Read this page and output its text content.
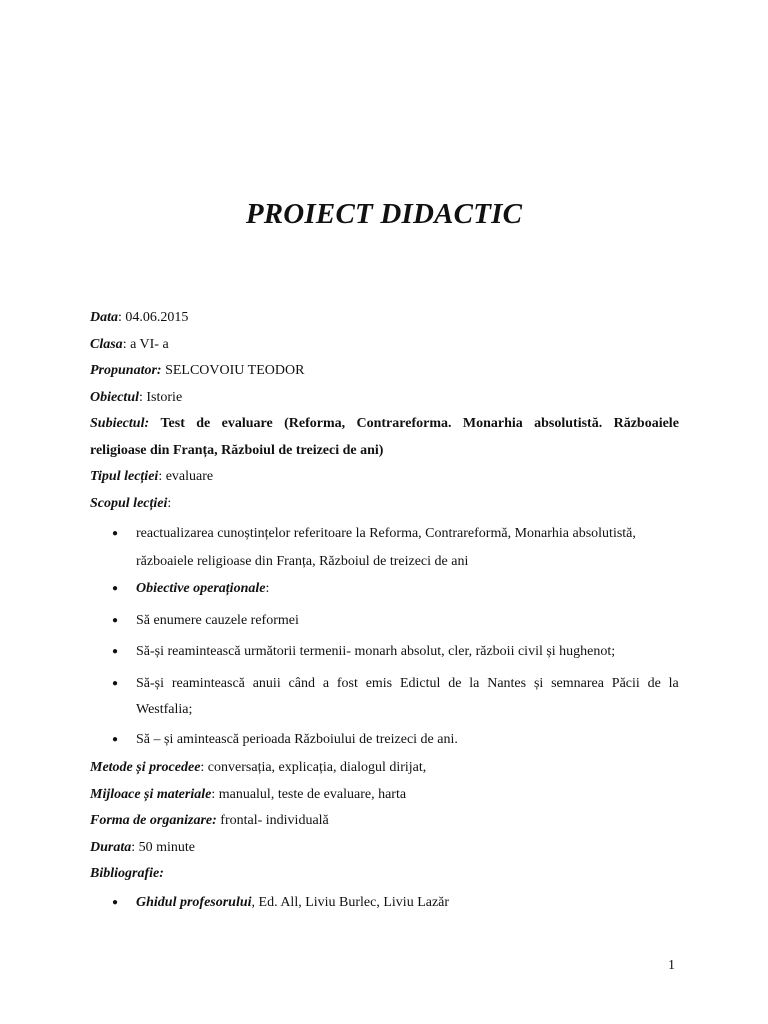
PROIECT DIDACTIC
Data: 04.06.2015
Clasa: a VI- a
Propunator: SELCOVOIU TEODOR
Obiectul: Istorie
Subiectul: Test de evaluare (Reforma, Contrareforma. Monarhia absolutistă. Războaiele
religioase din Franța, Războiul de treizeci de ani)
Tipul lecției: evaluare
Scopul lecției:
● reactualizarea cunoștințelor referitoare la Reforma, Contrareformă, Monarhia absolutistă,
războaiele religioase din Franța, Războiul de treizeci de ani
● Obiective operaționale:
● Să enumere cauzele reformei
● Să-și reamintească următorii termenii- monarh absolut, cler, războii civil și hughenot;
● Să-și reamintească anuii când a fost emis Edictul de la Nantes și semnarea Păcii de la
Westfalia;
● Să – și amintească perioada Războiului de treizeci de ani.
Metode și procedee: conversația, explicația, dialogul dirijat,
Mijloace și materiale: manualul, teste de evaluare, harta
Forma de organizare: frontal- individuală
Durata: 50 minute
Bibliografie:
● Ghidul profesorului, Ed. All, Liviu Burlec, Liviu Lazăr
1
